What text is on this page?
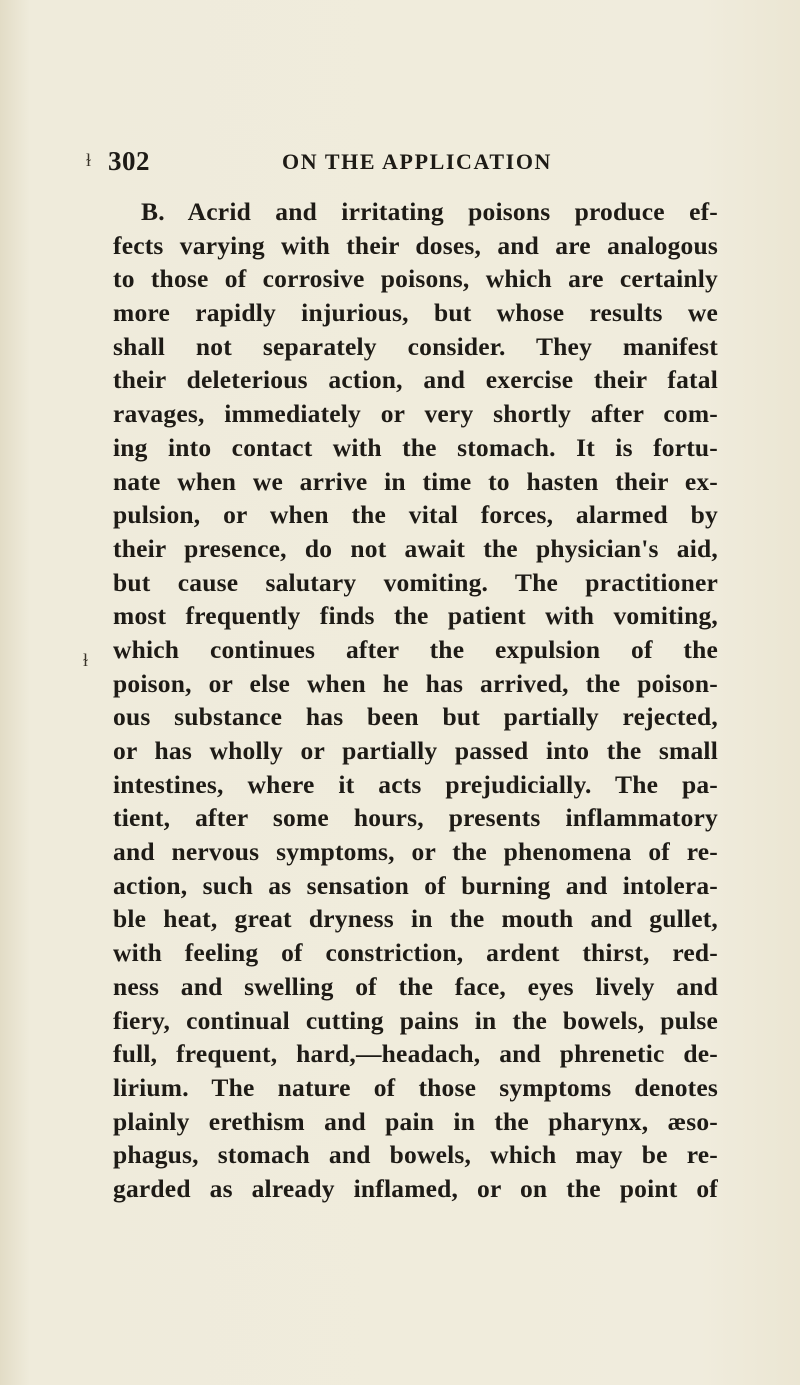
ɫ
ɫ
302	ON THE APPLICATION
B. Acrid and irritating poisons produce ef-
fects varying with their doses, and are analogous
to those of corrosive poisons, which are certainly
more rapidly injurious, but whose results we
shall not separately consider. They manifest
their deleterious action, and exercise their fatal
ravages, immediately or very shortly after com-
ing into contact with the stomach. It is fortu-
nate when we arrive in time to hasten their ex-
pulsion, or when the vital forces, alarmed by
their presence, do not await the physician's aid,
but cause salutary vomiting. The practitioner
most frequently finds the patient with vomiting,
which continues after the expulsion of the
poison, or else when he has arrived, the poison-
ous substance has been but partially rejected,
or has wholly or partially passed into the small
intestines, where it acts prejudicially. The pa-
tient, after some hours, presents inflammatory
and nervous symptoms, or the phenomena of re-
action, such as sensation of burning and intolera-
ble heat, great dryness in the mouth and gullet,
with feeling of constriction, ardent thirst, red-
ness and swelling of the face, eyes lively and
fiery, continual cutting pains in the bowels, pulse
full, frequent, hard,—headach, and phrenetic de-
lirium. The nature of those symptoms denotes
plainly erethism and pain in the pharynx, æso-
phagus, stomach and bowels, which may be re-
garded as already inflamed, or on the point of
